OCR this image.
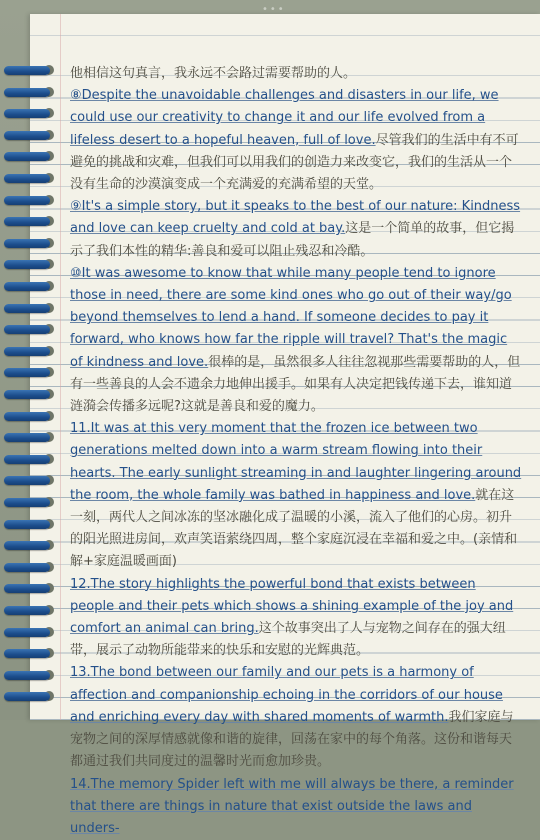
•••

他相信这句真言，我永远不会路过需要帮助的人。

⑧Despite the unavoidable challenges and disasters in our life, we could use our creativity to change it and our life evolved from a lifeless desert to a hopeful heaven, full of love.尽管我们的生活中有不可避免的挑战和灾难，但我们可以用我们的创造力来改变它，我们的生活从一个没有生命的沙漠演变成一个充满爱的充满希望的天堂。

⑨It's a simple story, but it speaks to the best of our nature: Kindness and love can keep cruelty and cold at bay.这是一个简单的故事，但它揭示了我们本性的精华:善良和爱可以阻止残忍和冷酷。

⑩It was awesome to know that while many people tend to ignore those in need, there are some kind ones who go out of their way/go beyond themselves to lend a hand. If someone decides to pay it forward, who knows how far the ripple will travel? That's the magic of kindness and love.很棒的是，虽然很多人往往忽视那些需要帮助的人，但有一些善良的人会不遗余力地伸出援手。如果有人决定把钱传递下去，谁知道涟漪会传播多远呢?这就是善良和爱的魔力。

11.It was at this very moment that the frozen ice between two generations melted down into a warm stream flowing into their hearts. The early sunlight streaming in and laughter lingering around the room, the whole family was bathed in happiness and love.就在这一刻，两代人之间冰冻的坚冰融化成了温暖的小溪，流入了他们的心房。初升的阳光照进房间，欢声笑语萦绕四周，整个家庭沉浸在幸福和爱之中。(亲情和解+家庭温暖画面)

12.The story highlights the powerful bond that exists between people and their pets which shows a shining example of the joy and comfort an animal can bring.这个故事突出了人与宠物之间存在的强大纽带，展示了动物所能带来的快乐和安慰的光辉典范。

13.The bond between our family and our pets is a harmony of affection and companionship echoing in the corridors of our house and enriching every day with shared moments of warmth.我们家庭与宠物之间的深厚情感就像和谐的旋律，回荡在家中的每个角落。这份和谐每天都通过我们共同度过的温馨时光而愈加珍贵。

14.The memory Spider left with me will always be there, a reminder that there are things in nature that exist outside the laws and unders-
